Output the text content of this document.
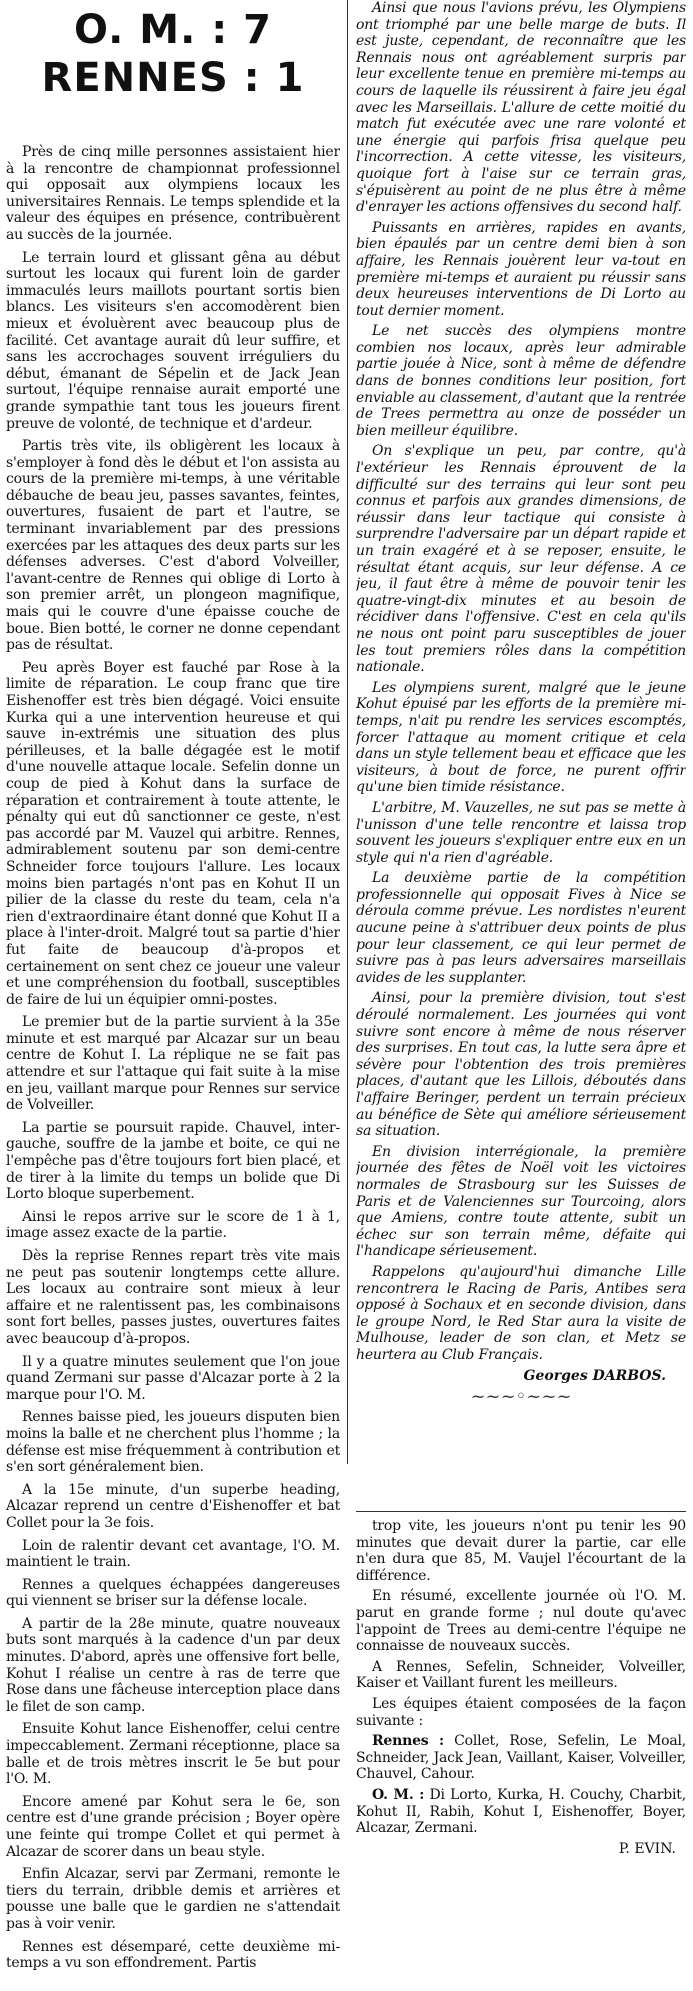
O. M. : 7
RENNES : 1

Près de cinq mille personnes assistaient hier à la rencontre de championnat professionnel qui opposait aux olympiens locaux les universitaires Rennais. Le temps splendide et la valeur des équipes en présence, contribuèrent au succès de la journée.

Le terrain lourd et glissant gêna au début surtout les locaux qui furent loin de garder immaculés leurs maillots pourtant sortis bien blancs. Les visiteurs s'en accomodèrent bien mieux et évoluèrent avec beaucoup plus de facilité. Cet avantage aurait dû leur suffire, et sans les accrochages souvent irréguliers du début, émanant de Sépelin et de Jack Jean surtout, l'équipe rennaise aurait emporté une grande sympathie tant tous les joueurs firent preuve de volonté, de technique et d'ardeur.

Partis très vite, ils obligèrent les locaux à s'employer à fond dès le début et l'on assista au cours de la première mi-temps, à une véritable débauche de beau jeu, passes savantes, feintes, ouvertures, fusaient de part et l'autre, se terminant invariablement par des pressions exercées par les attaques des deux parts sur les défenses adverses. C'est d'abord Volveiller, l'avant-centre de Rennes qui oblige di Lorto à son premier arrêt, un plongeon magnifique, mais qui le couvre d'une épaisse couche de boue. Bien botté, le corner ne donne cependant pas de résultat.

Peu après Boyer est fauché par Rose à la limite de réparation. Le coup franc que tire Eishenoffer est très bien dégagé. Voici ensuite Kurka qui a une intervention heureuse et qui sauve in-extrémis une situation des plus périlleuses, et la balle dégagée est le motif d'une nouvelle attaque locale. Sefelin donne un coup de pied à Kohut dans la surface de réparation et contrairement à toute attente, le pénalty qui eut dû sanctionner ce geste, n'est pas accordé par M. Vauzel qui arbitre. Rennes, admirablement soutenu par son demi-centre Schneider force toujours l'allure. Les locaux moins bien partagés n'ont pas en Kohut II un pilier de la classe du reste du team, cela n'a rien d'extraordinaire étant donné que Kohut II a place à l'inter-droit. Malgré tout sa partie d'hier fut faite de beaucoup d'à-propos et certainement on sent chez ce joueur une valeur et une compréhension du football, susceptibles de faire de lui un équipier omni-postes.

Le premier but de la partie survient à la 35e minute et est marqué par Alcazar sur un beau centre de Kohut I. La réplique ne se fait pas attendre et sur l'attaque qui fait suite à la mise en jeu, vaillant marque pour Rennes sur service de Volveiller.

La partie se poursuit rapide. Chauvel, inter-gauche, souffre de la jambe et boite, ce qui ne l'empêche pas d'être toujours fort bien placé, et de tirer à la limite du temps un bolide que Di Lorto bloque superbement.

Ainsi le repos arrive sur le score de 1 à 1, image assez exacte de la partie.

Dès la reprise Rennes repart très vite mais ne peut pas soutenir longtemps cette allure. Les locaux au contraire sont mieux à leur affaire et ne ralentissent pas, les combinaisons sont fort belles, passes justes, ouvertures faites avec beaucoup d'à-propos.

Il y a quatre minutes seulement que l'on joue quand Zermani sur passe d'Alcazar porte à 2 la marque pour l'O. M.

Rennes baisse pied, les joueurs disputen bien moins la balle et ne cherchent plus l'homme ; la défense est mise fréquemment à contribution et s'en sort généralement bien.

A la 15e minute, d'un superbe heading, Alcazar reprend un centre d'Eishenoffer et bat Collet pour la 3e fois.

Loin de ralentir devant cet avantage, l'O. M. maintient le train.

Rennes a quelques échappées dangereuses qui viennent se briser sur la défense locale.

A partir de la 28e minute, quatre nouveaux buts sont marqués à la cadence d'un par deux minutes. D'abord, après une offensive fort belle, Kohut I réalise un centre à ras de terre que Rose dans une fâcheuse interception place dans le filet de son camp.

Ensuite Kohut lance Eishenoffer, celui centre impeccablement. Zermani réceptionne, place sa balle et de trois mètres inscrit le 5e but pour l'O. M.

Encore amené par Kohut sera le 6e, son centre est d'une grande précision ; Boyer opère une feinte qui trompe Collet et qui permet à Alcazar de scorer dans un beau style.

Enfin Alcazar, servi par Zermani, remonte le tiers du terrain, dribble demis et arrières et pousse une balle que le gardien ne s'attendait pas à voir venir.

Rennes est désemparé, cette deuxième mi-temps a vu son effondrement. Partis

Ainsi que nous l'avions prévu, les Olympiens ont triomphé par une belle marge de buts. Il est juste, cependant, de reconnaître que les Rennais nous ont agréablement surpris par leur excellente tenue en première mi-temps au cours de laquelle ils réussirent à faire jeu égal avec les Marseillais. L'allure de cette moitié du match fut exécutée avec une rare volonté et une énergie qui parfois frisa quelque peu l'incorrection. A cette vitesse, les visiteurs, quoique fort à l'aise sur ce terrain gras, s'épuisèrent au point de ne plus être à même d'enrayer les actions offensives du second half.

Puissants en arrières, rapides en avants, bien épaulés par un centre demi bien à son affaire, les Rennais jouèrent leur va-tout en première mi-temps et auraient pu réussir sans deux heureuses interventions de Di Lorto au tout dernier moment.

Le net succès des olympiens montre combien nos locaux, après leur admirable partie jouée à Nice, sont à même de défendre dans de bonnes conditions leur position, fort enviable au classement, d'autant que la rentrée de Trees permettra au onze de posséder un bien meilleur équilibre.

On s'explique un peu, par contre, qu'à l'extérieur les Rennais éprouvent de la difficulté sur des terrains qui leur sont peu connus et parfois aux grandes dimensions, de réussir dans leur tactique qui consiste à surprendre l'adversaire par un départ rapide et un train exagéré et à se reposer, ensuite, le résultat étant acquis, sur leur défense. A ce jeu, il faut être à même de pouvoir tenir les quatre-vingt-dix minutes et au besoin de récidiver dans l'offensive. C'est en cela qu'ils ne nous ont point paru susceptibles de jouer les tout premiers rôles dans la compétition nationale.

Les olympiens surent, malgré que le jeune Kohut épuisé par les efforts de la première mi-temps, n'ait pu rendre les services escomptés, forcer l'attaque au moment critique et cela dans un style tellement beau et efficace que les visiteurs, à bout de force, ne purent offrir qu'une bien timide résistance.

L'arbitre, M. Vauzelles, ne sut pas se mette à l'unisson d'une telle rencontre et laissa trop souvent les joueurs s'expliquer entre eux en un style qui n'a rien d'agréable.

La deuxième partie de la compétition professionnelle qui opposait Fives à Nice se déroula comme prévue. Les nordistes n'eurent aucune peine à s'attribuer deux points de plus pour leur classement, ce qui leur permet de suivre pas à pas leurs adversaires marseillais avides de les supplanter.

Ainsi, pour la première division, tout s'est déroulé normalement. Les journées qui vont suivre sont encore à même de nous réserver des surprises. En tout cas, la lutte sera âpre et sévère pour l'obtention des trois premières places, d'autant que les Lillois, déboutés dans l'affaire Beringer, perdent un terrain précieux au bénéfice de Sète qui améliore sérieusement sa situation.

En division interrégionale, la première journée des fêtes de Noël voit les victoires normales de Strasbourg sur les Suisses de Paris et de Valenciennes sur Tourcoing, alors que Amiens, contre toute attente, subit un échec sur son terrain même, défaite qui l'handicape sérieusement.

Rappelons qu'aujourd'hui dimanche Lille rencontrera le Racing de Paris, Antibes sera opposé à Sochaux et en seconde division, dans le groupe Nord, le Red Star aura la visite de Mulhouse, leader de son clan, et Metz se heurtera au Club Français.

Georges DARBOS.
~~~◦~~~

trop vite, les joueurs n'ont pu tenir les 90 minutes que devait durer la partie, car elle n'en dura que 85, M. Vaujel l'écourtant de la différence.

En résumé, excellente journée où l'O. M. parut en grande forme ; nul doute qu'avec l'appoint de Trees au demi-centre l'équipe ne connaisse de nouveaux succès.

A Rennes, Sefelin, Schneider, Volveiller, Kaiser et Vaillant furent les meilleurs.

Les équipes étaient composées de la façon suivante :

Rennes : Collet, Rose, Sefelin, Le Moal, Schneider, Jack Jean, Vaillant, Kaiser, Volveiller, Chauvel, Cahour.

O. M. : Di Lorto, Kurka, H. Couchy, Charbit, Kohut II, Rabih, Kohut I, Eishenoffer, Boyer, Alcazar, Zermani.

P. EVIN.
